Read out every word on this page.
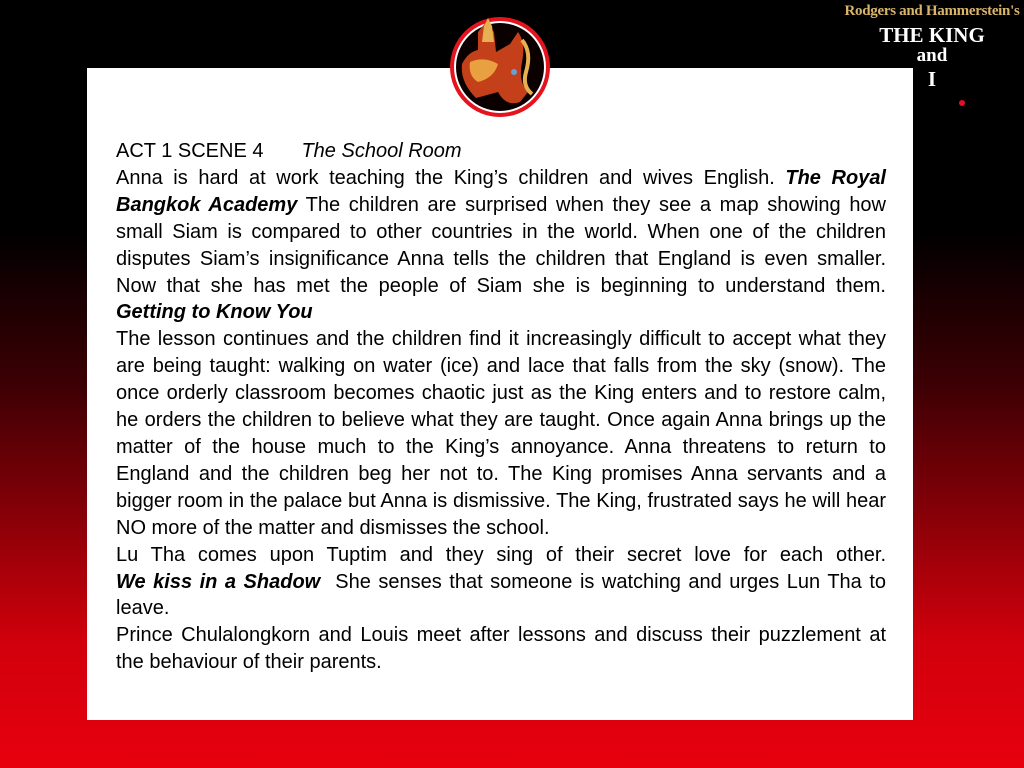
Rodgers and Hammerstein's
THE KING
and
I

ACT 1 SCENE 4 The School Room

Anna is hard at work teaching the King’s children and wives English. The Royal Bangkok Academy The children are surprised when they see a map showing how small Siam is compared to other countries in the world. When one of the children disputes Siam’s insignificance Anna tells the children that England is even smaller. Now that she has met the people of Siam she is beginning to understand them. Getting to Know You

The lesson continues and the children find it increasingly difficult to accept what they are being taught: walking on water (ice) and lace that falls from the sky (snow). The once orderly classroom becomes chaotic just as the King enters and to restore calm, he orders the children to believe what they are taught. Once again Anna brings up the matter of the house much to the King’s annoyance. Anna threatens to return to England and the children beg her not to. The King promises Anna servants and a bigger room in the palace but Anna is dismissive. The King, frustrated says he will hear NO more of the matter and dismisses the school.

Lu Tha comes upon Tuptim and they sing of their secret love for each other. We kiss in a Shadow  She senses that someone is watching and urges Lun Tha to leave.

Prince Chulalongkorn and Louis meet after lessons and discuss their puzzlement at the behaviour of their parents.
